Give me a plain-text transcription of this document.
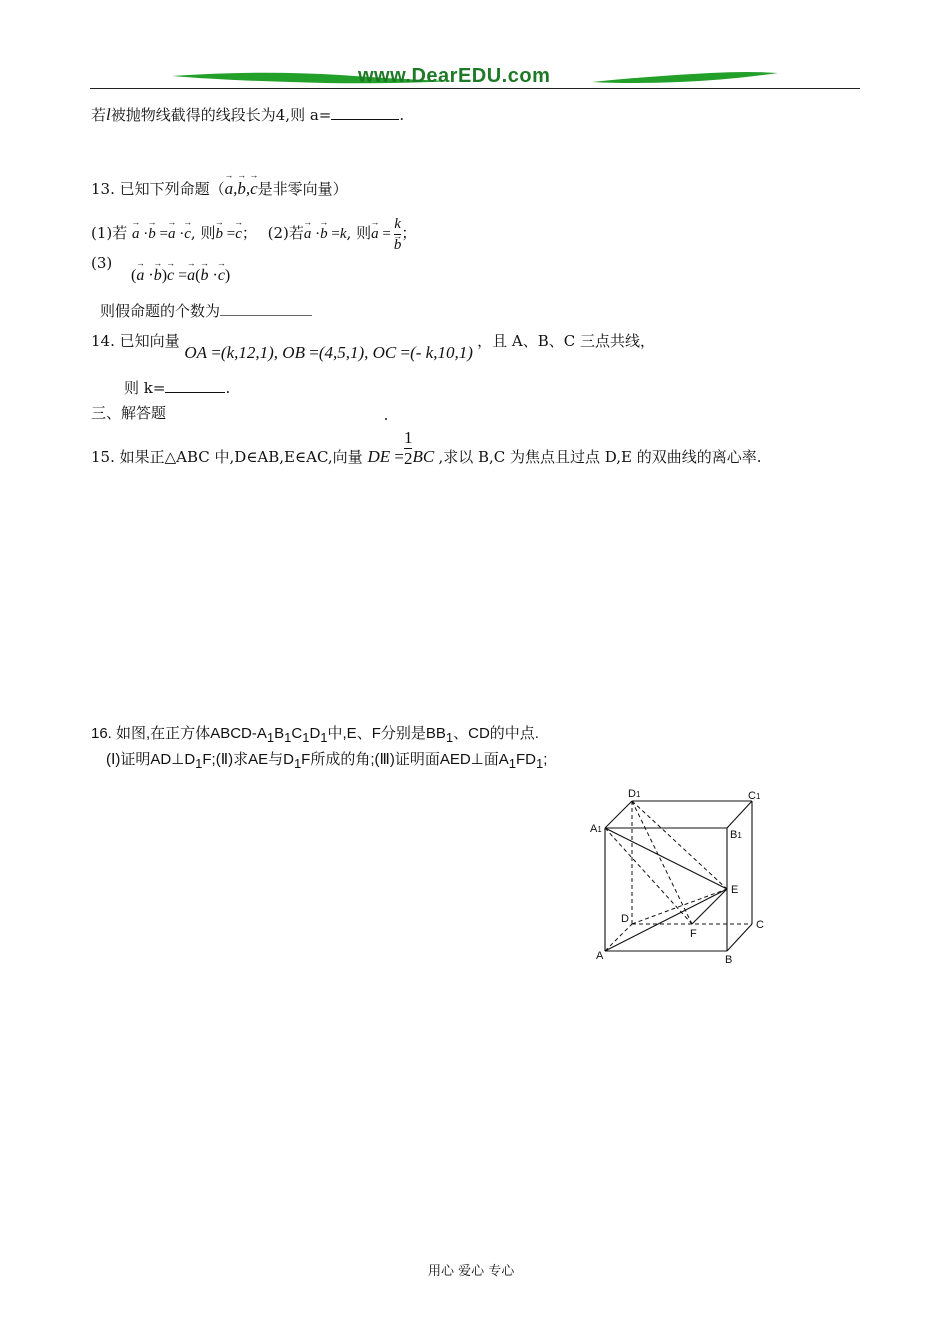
www.DearEDU.com
若l被抛物线截得的线段长为4,则 a=	.
13. 已知下列命题（→ a,→ b,→ c是非零向量）
(1)若 → a ·→ b =→ a ·→ c, 则→ b =→ c； (2)若→ a ·→ b =k, 则→ a = k
→ b ；
(3) (→ a ·→ b)→ c =→ a(→ b ·→ c)
则假命题的个数为
14. 已知向量 OA =(k,12,1), OB =(4,5,1), OC =(- k,10,1) ，且 A、B、C 三点共线，
则 k=	.
三、解答题
15. 如果正△ABC 中,D∈AB,E∈AC,向量 DE = $\frac{1}{2}$ BC ,求以 B,C 为焦点且过点 D,E 的双曲线的离心率.
16. 如图,在正方体ABCD-A1B1C1D1中,E、F分别是BB1、CD的中点.
(Ⅰ)证明AD⊥D1F;(Ⅱ)求AE与D1F所成的角;(Ⅲ)证明面AED⊥面A1FD1;
D1	C1
A1	B1
E
D
F
C
A	B
用心 爱心 专心
